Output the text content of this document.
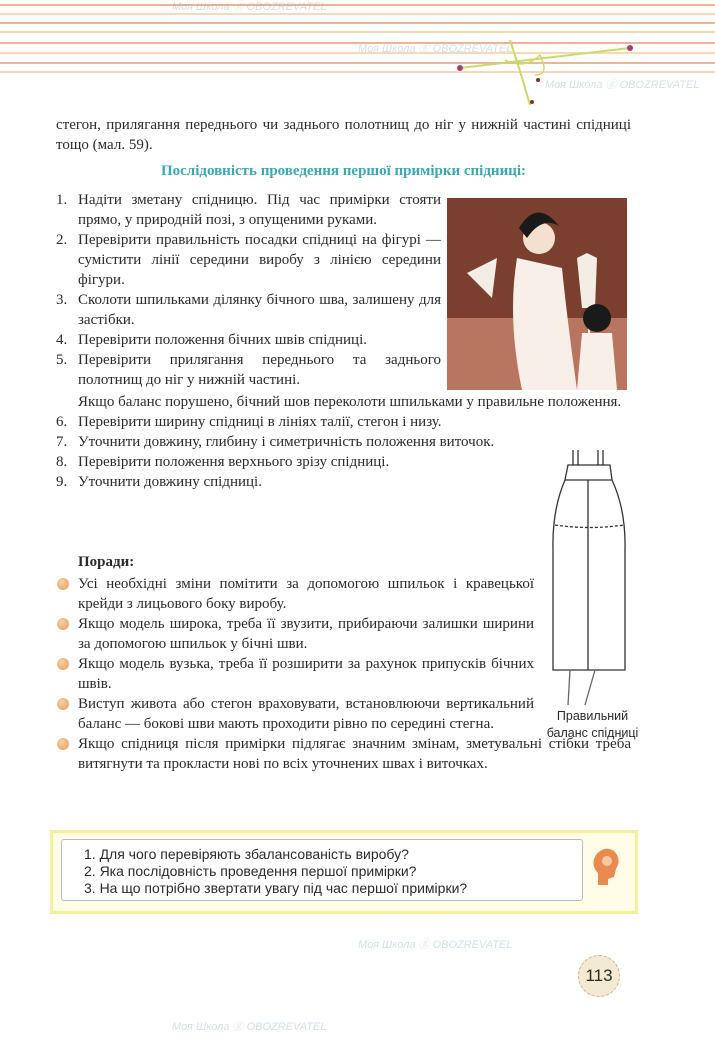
стегон, прилягання переднього чи заднього полотнищ до ніг у нижній частині спідниці тощо (мал. 59).
Послідовність проведення першої примірки спідниці:
1. Надіти зметану спідницю. Під час примірки стояти прямо, у природній позі, з опущеними руками.
2. Перевірити правильність посадки спідниці на фігурі — сумістити лінії середини виробу з лінією середини фігури.
3. Сколоти шпильками ділянку бічного шва, залишену для застібки.
4. Перевірити положення бічних швів спідниці.
5. Перевірити прилягання переднього та заднього полотнищ до ніг у нижній частині.
Якщо баланс порушено, бічний шов переколоти шпильками у правильне положення.
6. Перевірити ширину спідниці в лініях талії, стегон і низу.
7. Уточнити довжину, глибину і симетричність положення виточок.
8. Перевірити положення верхнього зрізу спідниці.
9. Уточнити довжину спідниці.
Поради:
Усі необхідні зміни помітити за допомогою шпильок і кравецької крейди з лицьового боку виробу.
Якщо модель широка, треба її звузити, прибираючи залишки ширини за допомогою шпильок у бічні шви.
Якщо модель вузька, треба її розширити за рахунок припусків бічних швів.
Виступ живота або стегон враховувати, встановлюючи вертикальний баланс — бокові шви мають проходити рівно по середині стегна.
Якщо спідниця після примірки підлягає значним змінам, зметувальні стібки треба витягнути та прокласти нові по всіх уточнених швах і виточках.
Правильний баланс спідниці
1. Для чого перевіряють збалансованість виробу?
2. Яка послідовність проведення першої примірки?
3. На що потрібно звертати увагу під час першої примірки?
113
Моя Школа ⓖ OBOZREVATEL
Моя Школа ⓖ OBOZREVATEL
Моя Школа ⓖ OBOZREVATEL
Моя Школа ⓖ OBOZREVATEL
Моя Школа ⓖ OBOZREVATEL
